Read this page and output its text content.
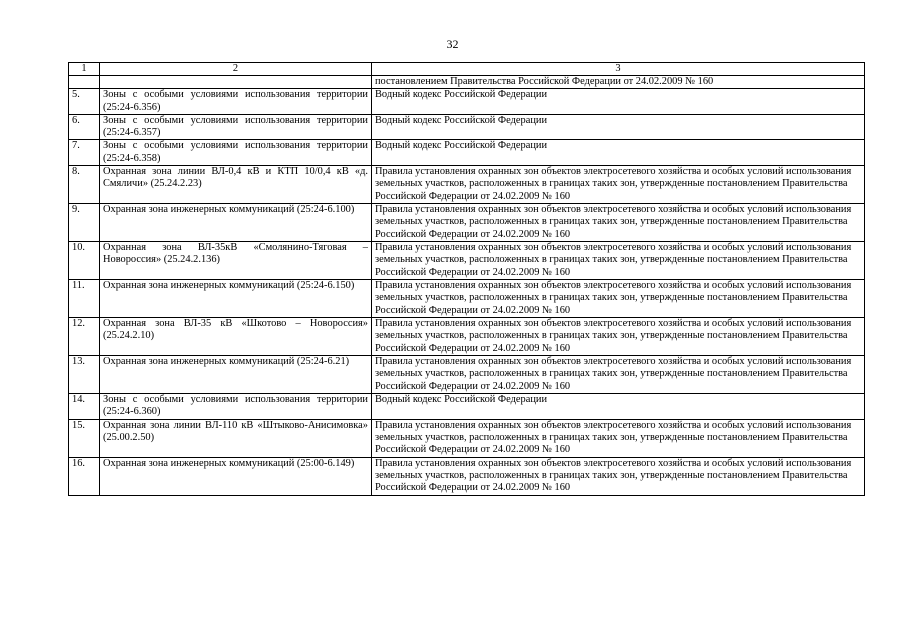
32
1	2	3
		постановлением Правительства Российской Федерации от 24.02.2009 № 160
5.	Зоны с особыми условиями использования территории (25:24-6.356)	Водный кодекс Российской Федерации
6.	Зоны с особыми условиями использования территории (25:24-6.357)	Водный кодекс Российской Федерации
7.	Зоны с особыми условиями использования территории (25:24-6.358)	Водный кодекс Российской Федерации
8.	Охранная зона линии ВЛ-0,4 кВ и КТП 10/0,4 кВ «д. Смяличи» (25.24.2.23)	Правила установления охранных зон объектов электросетевого хозяйства и особых условий использования земельных участков, расположенных в границах таких зон, утвержденные постановлением Правительства Российской Федерации от 24.02.2009 № 160
9.	Охранная зона инженерных коммуникаций (25:24-6.100)	Правила установления охранных зон объектов электросетевого хозяйства и особых условий использования земельных участков, расположенных в границах таких зон, утвержденные постановлением Правительства Российской Федерации от 24.02.2009 № 160
10.	Охранная зона ВЛ-35кВ «Смолянино-Тяговая – Новороссия» (25.24.2.136)	Правила установления охранных зон объектов электросетевого хозяйства и особых условий использования земельных участков, расположенных в границах таких зон, утвержденные постановлением Правительства Российской Федерации от 24.02.2009 № 160
11.	Охранная зона инженерных коммуникаций (25:24-6.150)	Правила установления охранных зон объектов электросетевого хозяйства и особых условий использования земельных участков, расположенных в границах таких зон, утвержденные постановлением Правительства Российской Федерации от 24.02.2009 № 160
12.	Охранная зона ВЛ-35 кВ «Шкотово – Новороссия» (25.24.2.10)	Правила установления охранных зон объектов электросетевого хозяйства и особых условий использования земельных участков, расположенных в границах таких зон, утвержденные постановлением Правительства Российской Федерации от 24.02.2009 № 160
13.	Охранная зона инженерных коммуникаций (25:24-6.21)	Правила установления охранных зон объектов электросетевого хозяйства и особых условий использования земельных участков, расположенных в границах таких зон, утвержденные постановлением Правительства Российской Федерации от 24.02.2009 № 160
14.	Зоны с особыми условиями использования территории (25:24-6.360)	Водный кодекс Российской Федерации
15.	Охранная зона линии ВЛ-110 кВ «Штыково-Анисимовка» (25.00.2.50)	Правила установления охранных зон объектов электросетевого хозяйства и особых условий использования земельных участков, расположенных в границах таких зон, утвержденные постановлением Правительства Российской Федерации от 24.02.2009 № 160
16.	Охранная зона инженерных коммуникаций (25:00-6.149)	Правила установления охранных зон объектов электросетевого хозяйства и особых условий использования земельных участков, расположенных в границах таких зон, утвержденные постановлением Правительства Российской Федерации от 24.02.2009 № 160
